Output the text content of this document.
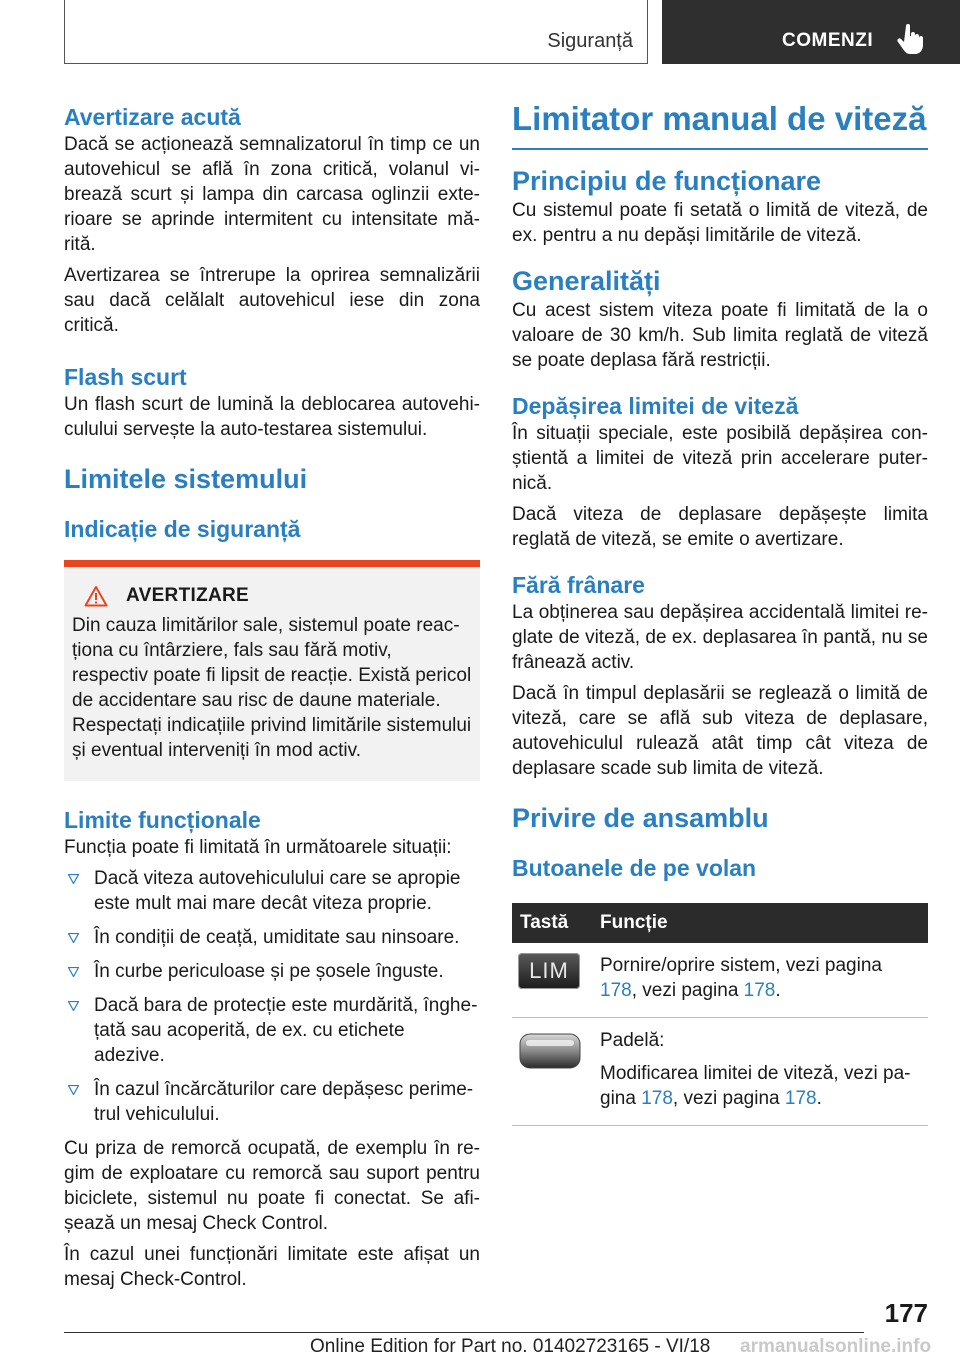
Siguranță	COMENZI
Avertizare acută

Dacă se acționează semnalizatorul în timp ce un autovehicul se află în zona critică, volanul vibrează scurt și lampa din carcasa oglinzii exterioare se aprinde intermitent cu intensitate mărită.

Avertizarea se întrerupe la oprirea semnalizării sau dacă celălalt autovehicul iese din zona critică.

Flash scurt

Un flash scurt de lumină la deblocarea autovehiculului servește la auto-testarea sistemului.

Limitele sistemului
Indicație de siguranță
AVERTIZARE
Din cauza limitărilor sale, sistemul poate reacționa cu întârziere, fals sau fără motiv, respectiv poate fi lipsit de reacție. Există pericol de accidentare sau risc de daune materiale. Respectați indicațiile privind limitările sistemului și eventual interveniți în mod activ.
Limite funcționale

Funcția poate fi limitată în următoarele situații:

Dacă viteza autovehiculului care se apropie este mult mai mare decât viteza proprie.
În condiții de ceață, umiditate sau ninsoare.
În curbe periculoase și pe șosele înguste.
Dacă bara de protecție este murdărită, înghețată sau acoperită, de ex. cu etichete adezive.
În cazul încărcăturilor care depășesc perimetrul vehiculului.

Cu priza de remorcă ocupată, de exemplu în regim de exploatare cu remorcă sau suport pentru biciclete, sistemul nu poate fi conectat. Se afișează un mesaj Check Control.

În cazul unei funcționări limitate este afișat un mesaj Check-Control.

Limitator manual de viteză
Principiu de funcționare

Cu sistemul poate fi setată o limită de viteză, de ex. pentru a nu depăși limitările de viteză.

Generalități

Cu acest sistem viteza poate fi limitată de la o valoare de 30 km/h. Sub limita reglată de viteză se poate deplasa fără restricții.

Depășirea limitei de viteză

În situații speciale, este posibilă depășirea conștientă a limitei de viteză prin accelerare puternică.

Dacă viteza de deplasare depășește limita reglată de viteză, se emite o avertizare.

Fără frânare

La obținerea sau depășirea accidentală limitei reglate de viteză, de ex. deplasarea în pantă, nu se frânează activ.

Dacă în timpul deplasării se reglează o limită de viteză, care se află sub viteza de deplasare, autovehiculul rulează atât timp cât viteza de deplasare scade sub limita de viteză.

Privire de ansamblu
Butoanele de pe volan
Tastă	Funcție

LIM	Pornire/oprire sistem, vezi pagina 178, vezi pagina 178.

Padelă:
Modificarea limitei de viteză, vezi pagina 178, vezi pagina 178.
177
Online Edition for Part no. 01402723165 - VI/18 armanualsonline.info
